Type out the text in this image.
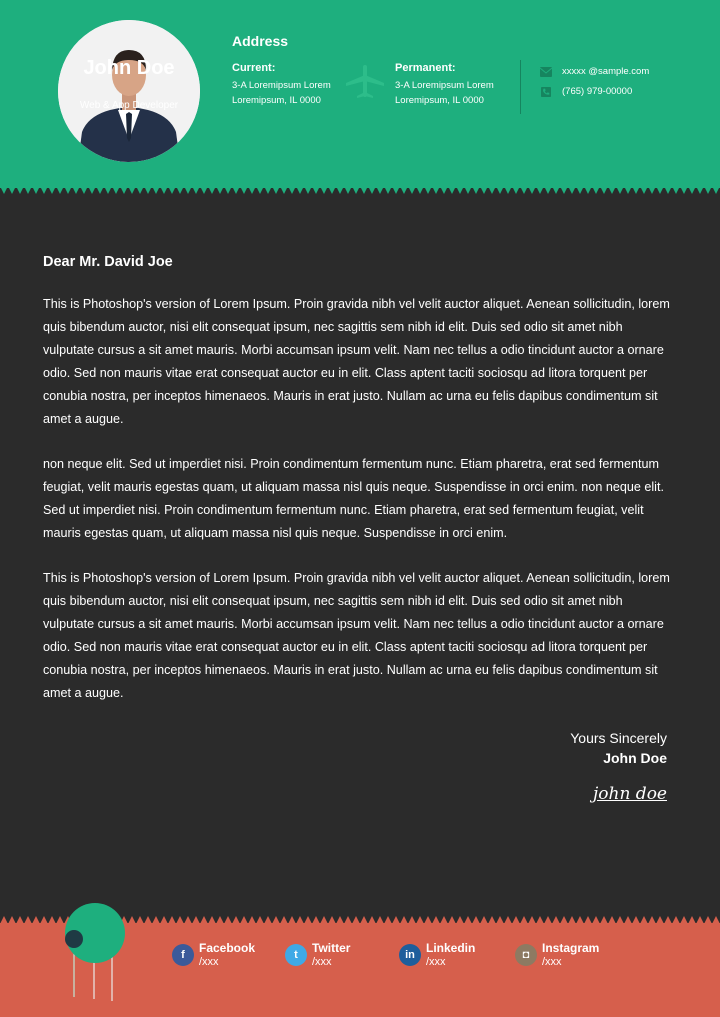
John Doe
Web & App Developer
Address
Current:
3-A Loremipsum Lorem
Loremipsum, IL 0000
Permanent:
3-A Loremipsum Lorem
Loremipsum, IL 0000
xxxxx @sample.com
(765) 979-00000
Dear Mr. David Joe

This is Photoshop's version of Lorem Ipsum. Proin gravida nibh vel velit auctor aliquet. Aenean sollicitudin, lorem quis bibendum auctor, nisi elit consequat ipsum, nec sagittis sem nibh id elit. Duis sed odio sit amet nibh vulputate cursus a sit amet mauris. Morbi accumsan ipsum velit. Nam nec tellus a odio tincidunt auctor a ornare odio. Sed non mauris vitae erat consequat auctor eu in elit. Class aptent taciti sociosqu ad litora torquent per conubia nostra, per inceptos himenaeos. Mauris in erat justo. Nullam ac urna eu felis dapibus condimentum sit amet a augue.

non neque elit. Sed ut imperdiet nisi. Proin condimentum fermentum nunc. Etiam pharetra, erat sed fermentum feugiat, velit mauris egestas quam, ut aliquam massa nisl quis neque. Suspendisse in orci enim. non neque elit. Sed ut imperdiet nisi. Proin condimentum fermentum nunc. Etiam pharetra, erat sed fermentum feugiat, velit mauris egestas quam, ut aliquam massa nisl quis neque. Suspendisse in orci enim.

This is Photoshop's version of Lorem Ipsum. Proin gravida nibh vel velit auctor aliquet. Aenean sollicitudin, lorem quis bibendum auctor, nisi elit consequat ipsum, nec sagittis sem nibh id elit. Duis sed odio sit amet nibh vulputate cursus a sit amet mauris. Morbi accumsan ipsum velit. Nam nec tellus a odio tincidunt auctor a ornare odio. Sed non mauris vitae erat consequat auctor eu in elit. Class aptent taciti sociosqu ad litora torquent per conubia nostra, per inceptos himenaeos. Mauris in erat justo. Nullam ac urna eu felis dapibus condimentum sit amet a augue.

Yours Sincerely
John Doe
john doe
f	Facebook
/xxx
t	Twitter
/xxx
in Linkedin
/xxx
◘	Instagram
/xxx
